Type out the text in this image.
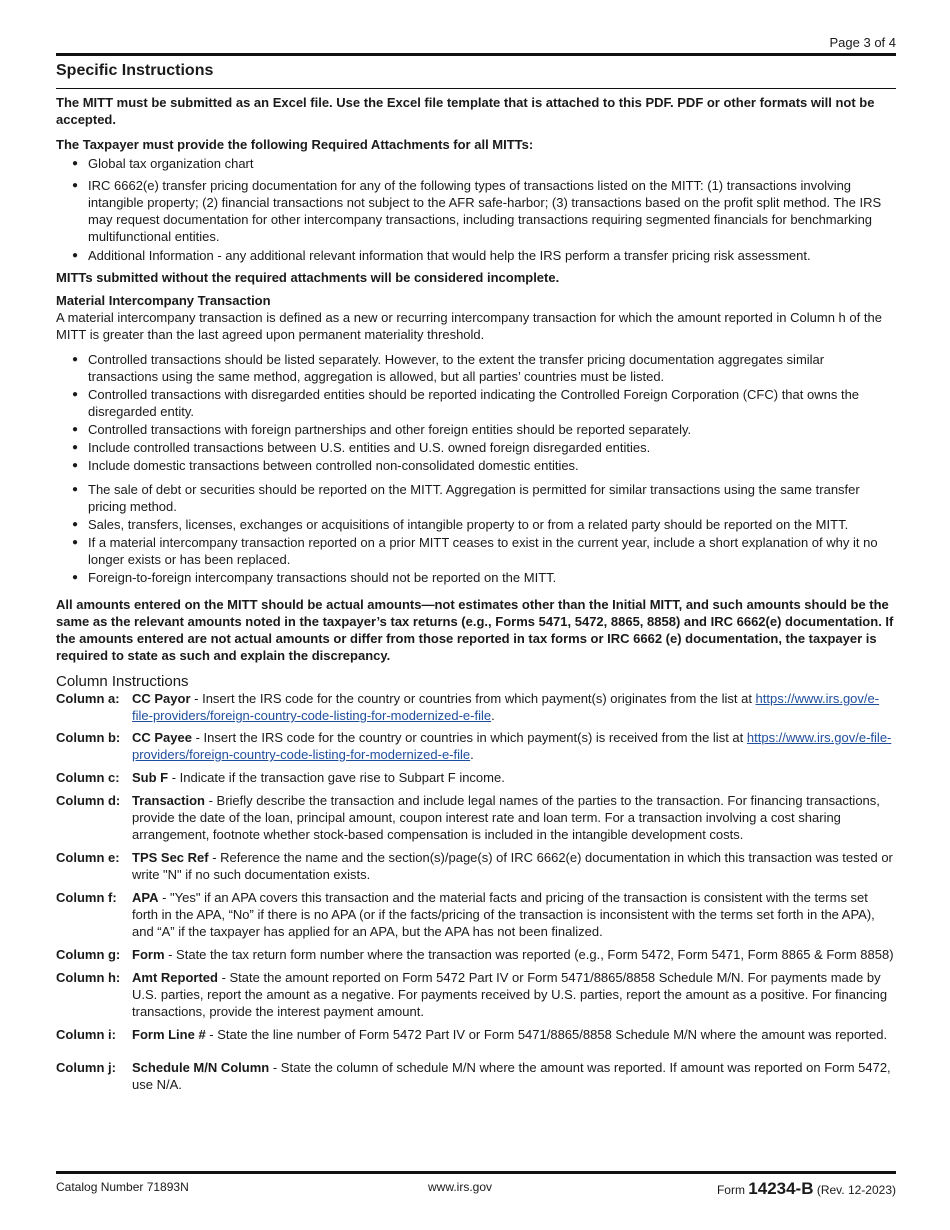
Page 3 of 4
Specific Instructions

The MITT must be submitted as an Excel file. Use the Excel file template that is attached to this PDF. PDF or other formats will not be accepted.

The Taxpayer must provide the following Required Attachments for all MITTs:

● Global tax organization chart
● IRC 6662(e) transfer pricing documentation for any of the following types of transactions listed on the MITT: (1) transactions involving intangible property; (2) financial transactions not subject to the AFR safe-harbor; (3) transactions based on the profit split method. The IRS may request documentation for other intercompany transactions, including transactions requiring segmented financials for benchmarking multifunctional entities.
● Additional Information - any additional relevant information that would help the IRS perform a transfer pricing risk assessment.

MITTs submitted without the required attachments will be considered incomplete.

Material Intercompany Transaction

A material intercompany transaction is defined as a new or recurring intercompany transaction for which the amount reported in Column h of the MITT is greater than the last agreed upon permanent materiality threshold.

● Controlled transactions should be listed separately. However, to the extent the transfer pricing documentation aggregates similar transactions using the same method, aggregation is allowed, but all parties’ countries must be listed.
● Controlled transactions with disregarded entities should be reported indicating the Controlled Foreign Corporation (CFC) that owns the disregarded entity.
● Controlled transactions with foreign partnerships and other foreign entities should be reported separately.
● Include controlled transactions between U.S. entities and U.S. owned foreign disregarded entities.
● Include domestic transactions between controlled non-consolidated domestic entities.
● The sale of debt or securities should be reported on the MITT. Aggregation is permitted for similar transactions using the same transfer pricing method.
● Sales, transfers, licenses, exchanges or acquisitions of intangible property to or from a related party should be reported on the MITT.
● If a material intercompany transaction reported on a prior MITT ceases to exist in the current year, include a short explanation of why it no longer exists or has been replaced.
● Foreign-to-foreign intercompany transactions should not be reported on the MITT.

All amounts entered on the MITT should be actual amounts—not estimates other than the Initial MITT, and such amounts should be the same as the relevant amounts noted in the taxpayer’s tax returns (e.g., Forms 5471, 5472, 8865, 8858) and IRC 6662(e) documentation. If the amounts entered are not actual amounts or differ from those reported in tax forms or IRC 6662 (e) documentation, the taxpayer is required to state as such and explain the discrepancy.

Column Instructions

Column a: CC Payor - Insert the IRS code for the country or countries from which payment(s) originates from the list at https://www.irs.gov/e-file-providers/foreign-country-code-listing-for-modernized-e-file.
Column b: CC Payee - Insert the IRS code for the country or countries in which payment(s) is received from the list at https://www.irs.gov/e-file-providers/foreign-country-code-listing-for-modernized-e-file.
Column c: Sub F - Indicate if the transaction gave rise to Subpart F income.
Column d: Transaction - Briefly describe the transaction and include legal names of the parties to the transaction. For financing transactions, provide the date of the loan, principal amount, coupon interest rate and loan term. For a transaction involving a cost sharing arrangement, footnote whether stock-based compensation is included in the intangible development costs.
Column e: TPS Sec Ref - Reference the name and the section(s)/page(s) of IRC 6662(e) documentation in which this transaction was tested or write "N" if no such documentation exists.
Column f:	APA - "Yes" if an APA covers this transaction and the material facts and pricing of the transaction is consistent with the terms set forth in the APA, “No” if there is no APA (or if the facts/pricing of the transaction is inconsistent with the terms set forth in the APA), and “A” if the taxpayer has applied for an APA, but the APA has not been finalized.
Column g: Form - State the tax return form number where the transaction was reported (e.g., Form 5472, Form 5471, Form 8865 & Form 8858)
Column h: Amt Reported - State the amount reported on Form 5472 Part IV or Form 5471/8865/8858 Schedule M/N. For payments made by U.S. parties, report the amount as a negative. For payments received by U.S. parties, report the amount as a positive. For financing transactions, provide the interest payment amount.
Column i:	Form Line # - State the line number of Form 5472 Part IV or Form 5471/8865/8858 Schedule M/N where the amount was reported.
Column j:	Schedule M/N Column - State the column of schedule M/N where the amount was reported. If amount was reported on Form 5472, use N/A.
Catalog Number 71893N	www.irs.gov	Form 14234-B (Rev. 12-2023)
